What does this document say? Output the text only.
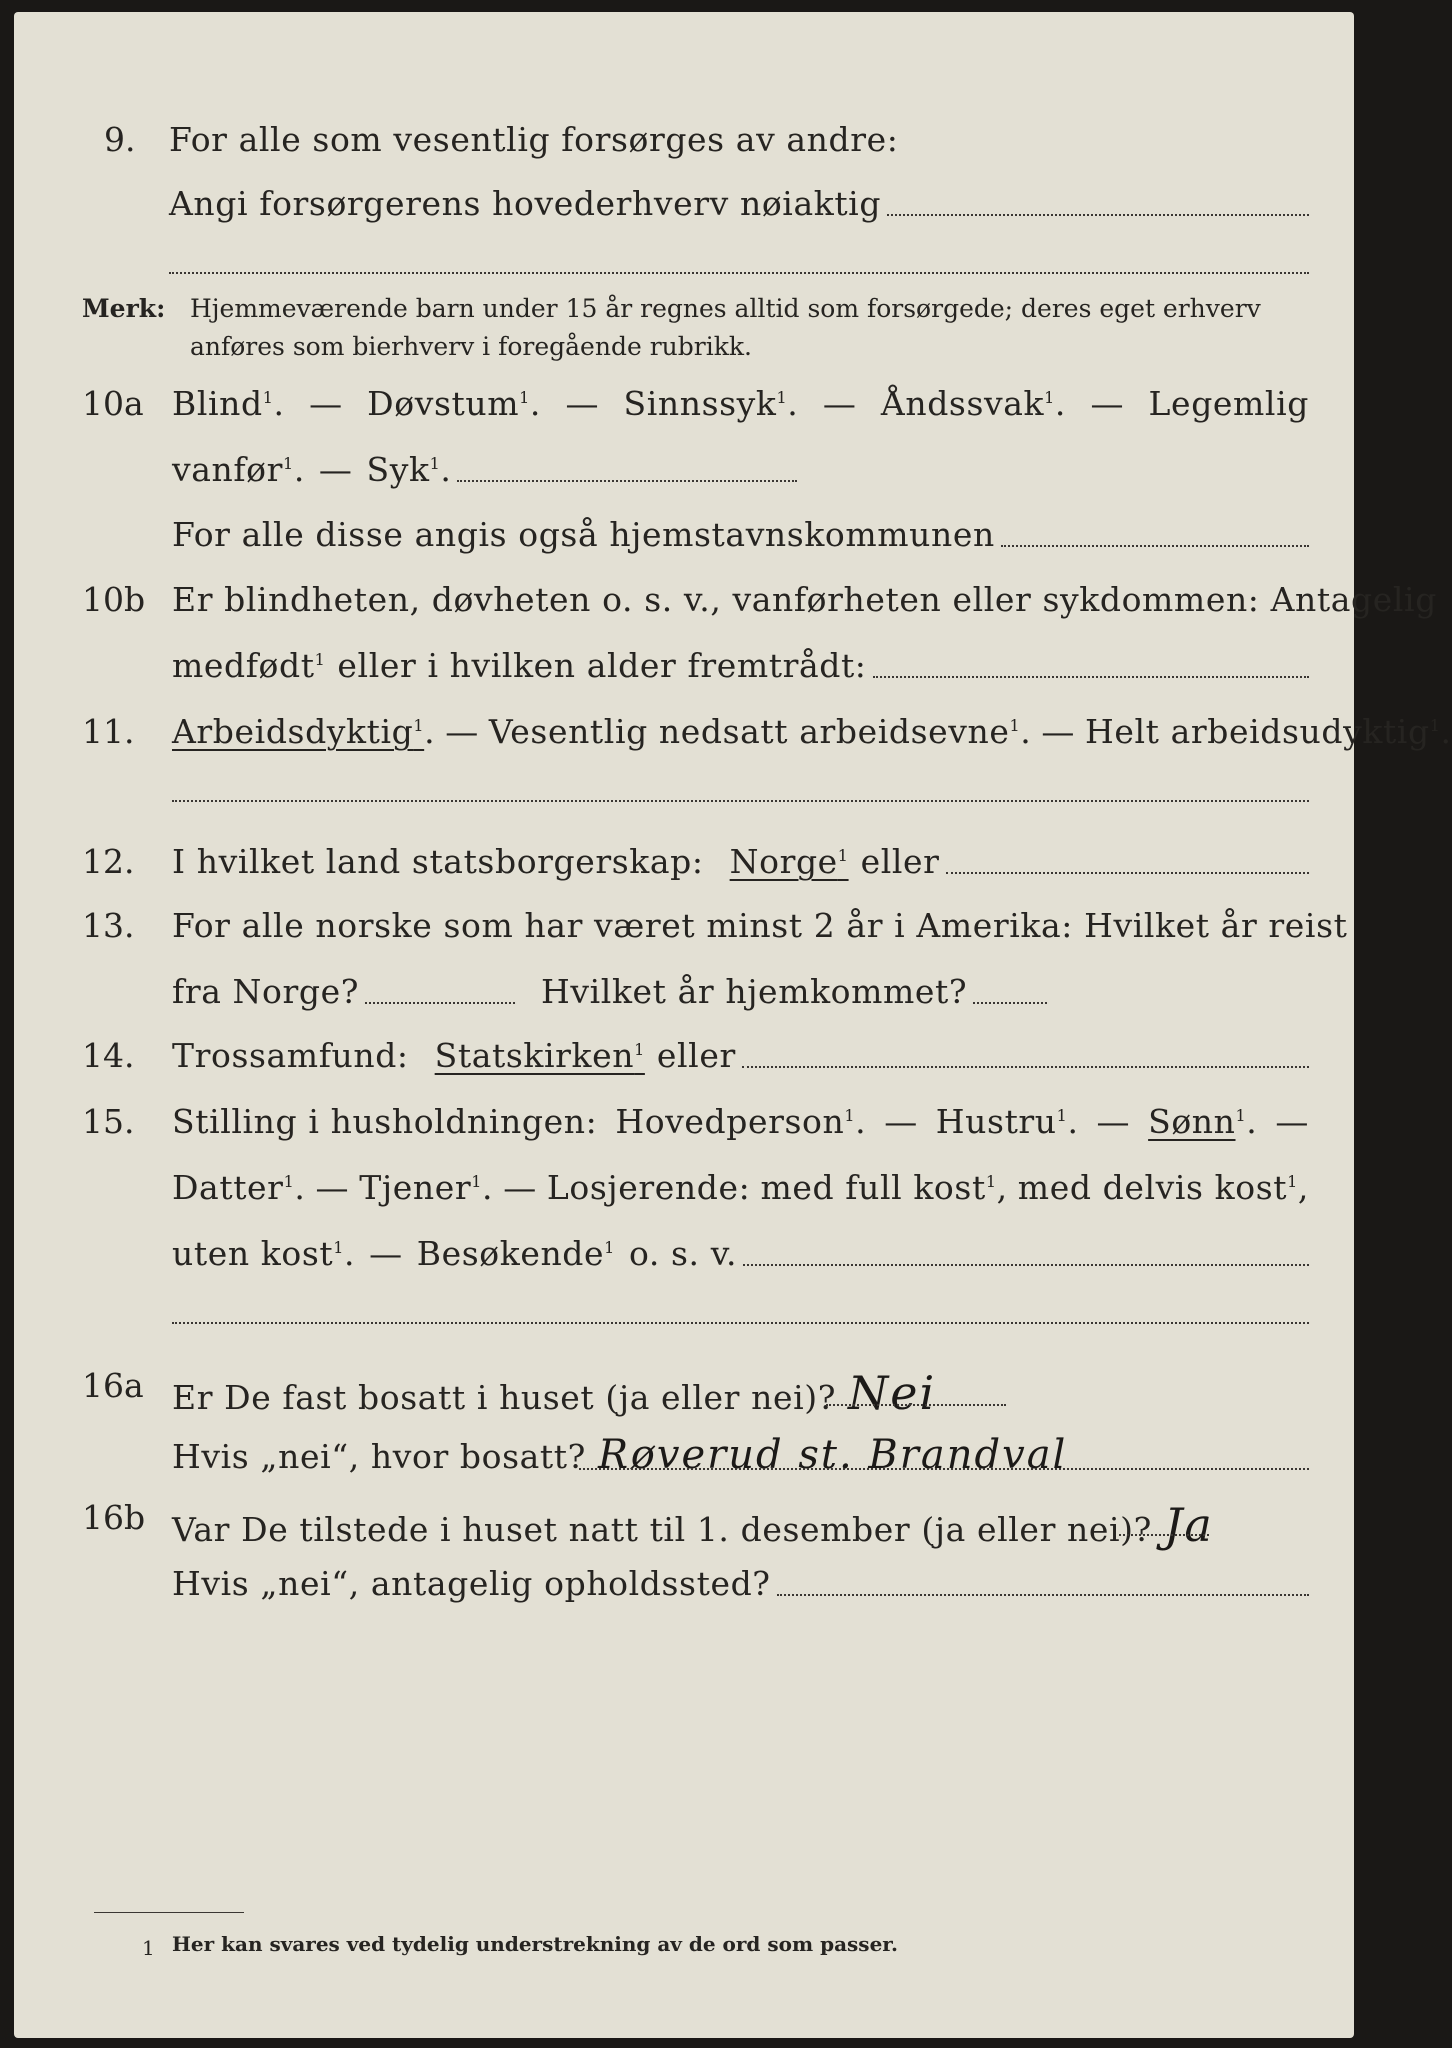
9. For alle som vesentlig forsørges av andre:
Angi forsørgerens hovederhverv nøiaktig
Merk: Hjemmeværende barn under 15 år regnes alltid som forsørgede; deres eget erhverv
anføres som bierhverv i foregående rubrikk.
10a Blind$^1$. — Døvstum$^1$. — Sinnssyk$^1$. — Åndssvak$^1$. — Legemlig
vanfør$^1$. — Syk$^1$.
For alle disse angis også hjemstavnskommunen
10b Er blindheten, døvheten o. s. v., vanførheten eller sykdommen: Antagelig
medfødt$^1$ eller i hvilken alder fremtrådt:
11. Arbeidsdyktig$^1$ . — Vesentlig nedsatt arbeidsevne$^1$. — Helt arbeidsudyktig$^1$.
12. I hvilket land statsborgerskap: Norge$^1$ eller
13. For alle norske som har været minst 2 år i Amerika: Hvilket år reist
fra Norge?	Hvilket år hjemkommet?
14. Trossamfund: Statskirken$^1$ eller
15. Stilling i husholdningen: Hovedperson$^1$. — Hustru$^1$. — Sønn$^1$. —
Datter$^1$. — Tjener$^1$. — Losjerende: med full kost$^1$, med delvis kost$^1$,
uten kost$^1$. — Besøkende$^1$ o. s. v.
16a Er De fast bosatt i huset (ja eller nei)? Nei
Hvis „nei“, hvor bosatt? Røverud st. Brandval
16b Var De tilstede i huset natt til 1. desember (ja eller nei)? Ja
Hvis „nei“, antagelig opholdssted?
1 Her kan svares ved tydelig understrekning av de ord som passer.
